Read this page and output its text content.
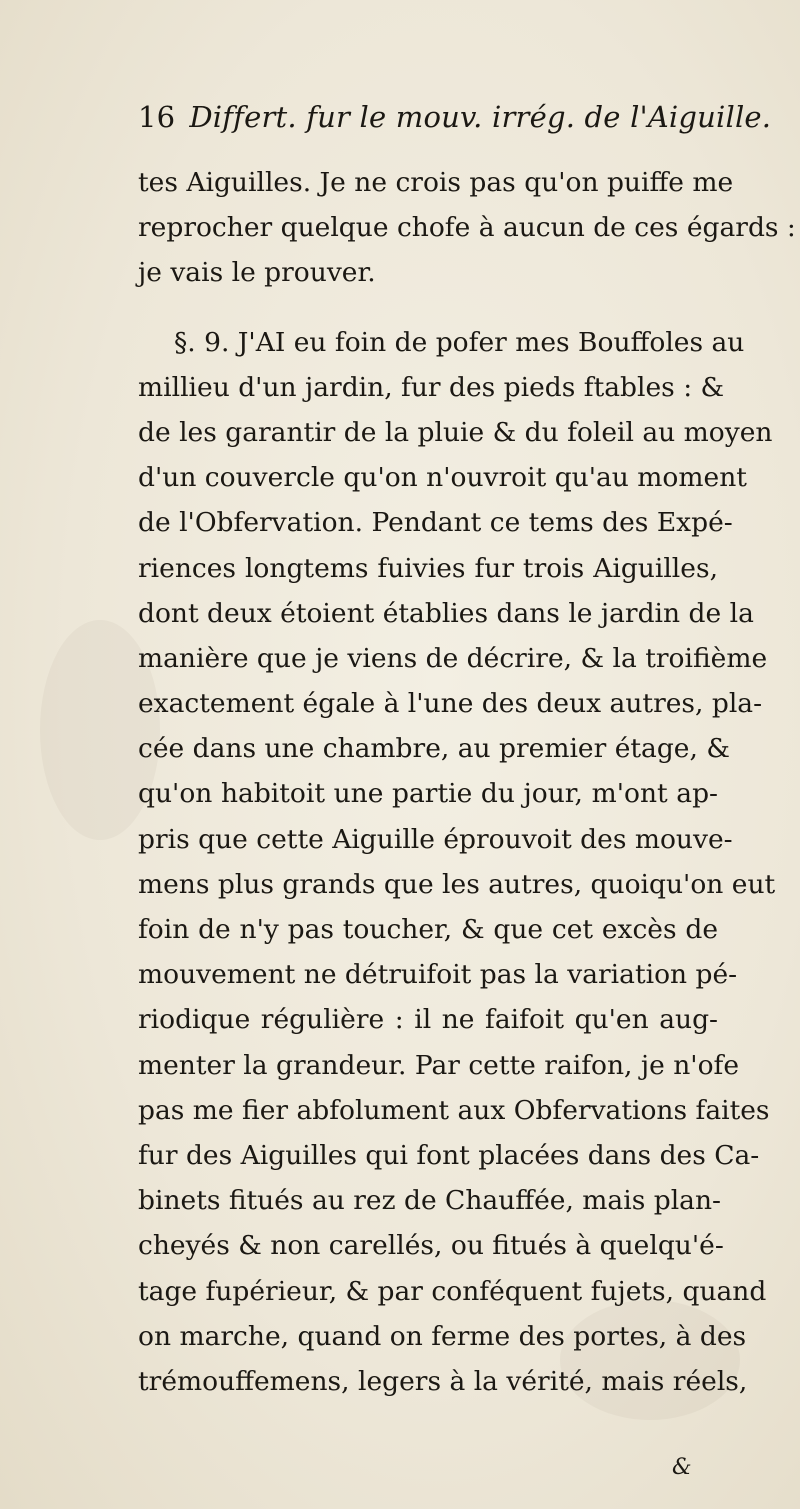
16 Differt. fur le mouv. irrég. de l'Aiguille.
tes Aiguilles. Je ne crois pas qu'on puiffe me
reprocher quelque chofe à aucun de ces égards :
je vais le prouver.
§. 9. J'AI eu foin de pofer mes Bouffoles au
millieu d'un jardin, fur des pieds ftables : &
de les garantir de la pluie & du foleil au moyen
d'un couvercle qu'on n'ouvroit qu'au moment
de l'Obfervation. Pendant ce tems des Expé-
riences longtems fuivies fur trois Aiguilles,
dont deux étoient établies dans le jardin de la
manière que je viens de décrire, & la troifième
exactement égale à l'une des deux autres, pla-
cée dans une chambre, au premier étage, &
qu'on habitoit une partie du jour, m'ont ap-
pris que cette Aiguille éprouvoit des mouve-
mens plus grands que les autres, quoiqu'on eut
foin de n'y pas toucher, & que cet excès de
mouvement ne détruifoit pas la variation pé-
riodique régulière : il ne faifoit qu'en aug-
menter la grandeur. Par cette raifon, je n'ofe
pas me fier abfolument aux Obfervations faites
fur des Aiguilles qui font placées dans des Ca-
binets fitués au rez de Chauffée, mais plan-
cheyés & non carellés, ou fitués à quelqu'é-
tage fupérieur, & par conféquent fujets, quand
on marche, quand on ferme des portes, à des
trémouffemens, legers à la vérité, mais réels,
&
